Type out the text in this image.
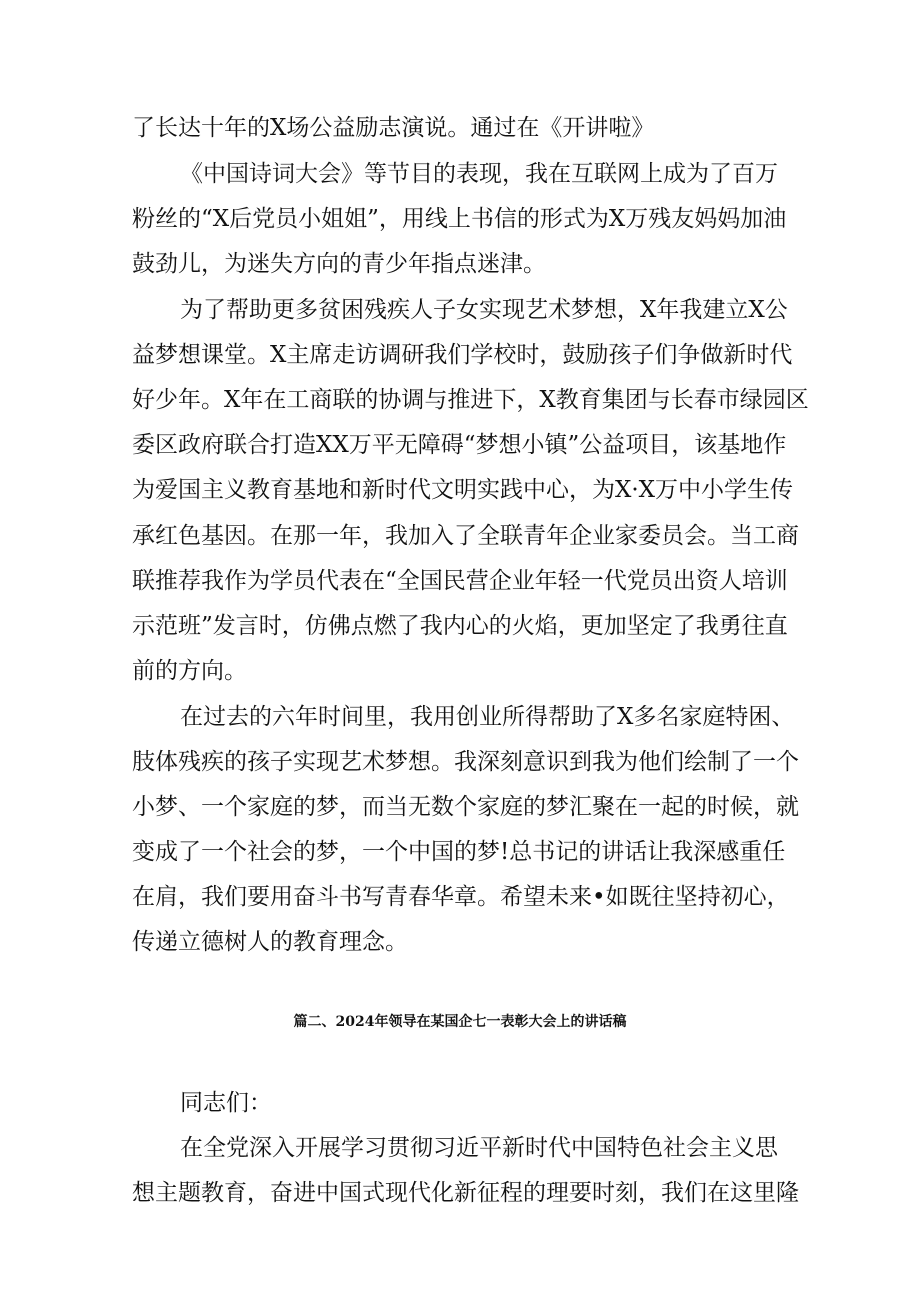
了长达十年的X场公益励志演说。通过在《开讲啦》
《中国诗词大会》等节目的表现，我在互联网上成为了百万
粉丝的“X后党员小姐姐”，用线上书信的形式为X万残友妈妈加油
鼓劲儿，为迷失方向的青少年指点迷津。
为了帮助更多贫困残疾人子女实现艺术梦想，X年我建立X公
益梦想课堂。X主席走访调研我们学校时，鼓励孩子们争做新时代
好少年。X年在工商联的协调与推进下，X教育集团与长春市绿园区
委区政府联合打造XX万平无障碍“梦想小镇”公益项目，该基地作
为爱国主义教育基地和新时代文明实践中心，为X·X万中小学生传
承红色基因。在那一年，我加入了全联青年企业家委员会。当工商
联推荐我作为学员代表在“全国民营企业年轻一代党员出资人培训
示范班”发言时，仿佛点燃了我内心的火焰，更加坚定了我勇往直
前的方向。
在过去的六年时间里，我用创业所得帮助了X多名家庭特困、
肢体残疾的孩子实现艺术梦想。我深刻意识到我为他们绘制了一个
小梦、一个家庭的梦，而当无数个家庭的梦汇聚在一起的时候，就
变成了一个社会的梦，一个中国的梦!总书记的讲话让我深感重任
在肩，我们要用奋斗书写青春华章。希望未来•如既往坚持初心，
传递立德树人的教育理念。
篇二、2024年领导在某国企七一表彰大会上的讲话稿
同志们：
在全党深入开展学习贯彻习近平新时代中国特色社会主义思
想主题教育，奋进中国式现代化新征程的理要时刻，我们在这里隆
